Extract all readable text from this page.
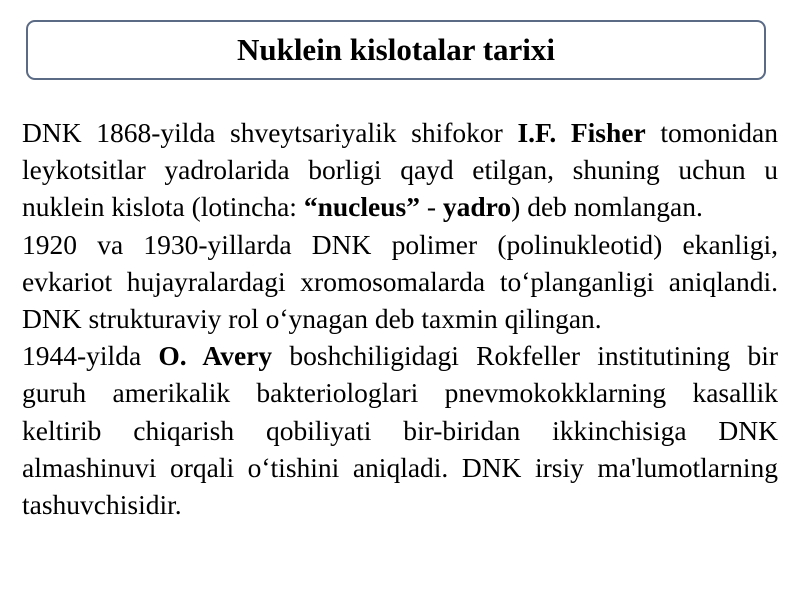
Nuklein kislotalar tarixi

DNK 1868-yilda shveytsariyalik shifokor I.F. Fisher tomonidan leykotsitlar yadrolarida borligi qayd etilgan, shuning uchun u nuklein kislota (lotincha: “nucleus” - yadro) deb nomlangan.

1920 va 1930-yillarda DNK polimer (polinukleotid) ekanligi, evkariot hujayralardagi xromosomalarda to‘planganligi aniqlandi. DNK strukturaviy rol o‘ynagan deb taxmin qilingan.

1944-yilda O. Avery boshchiligidagi Rokfeller institutining bir guruh amerikalik bakteriologlari pnevmokokklarning kasallik keltirib chiqarish qobiliyati bir-biridan ikkinchisiga DNK almashinuvi orqali o‘tishini aniqladi. DNK irsiy ma'lumotlarning tashuvchisidir.
